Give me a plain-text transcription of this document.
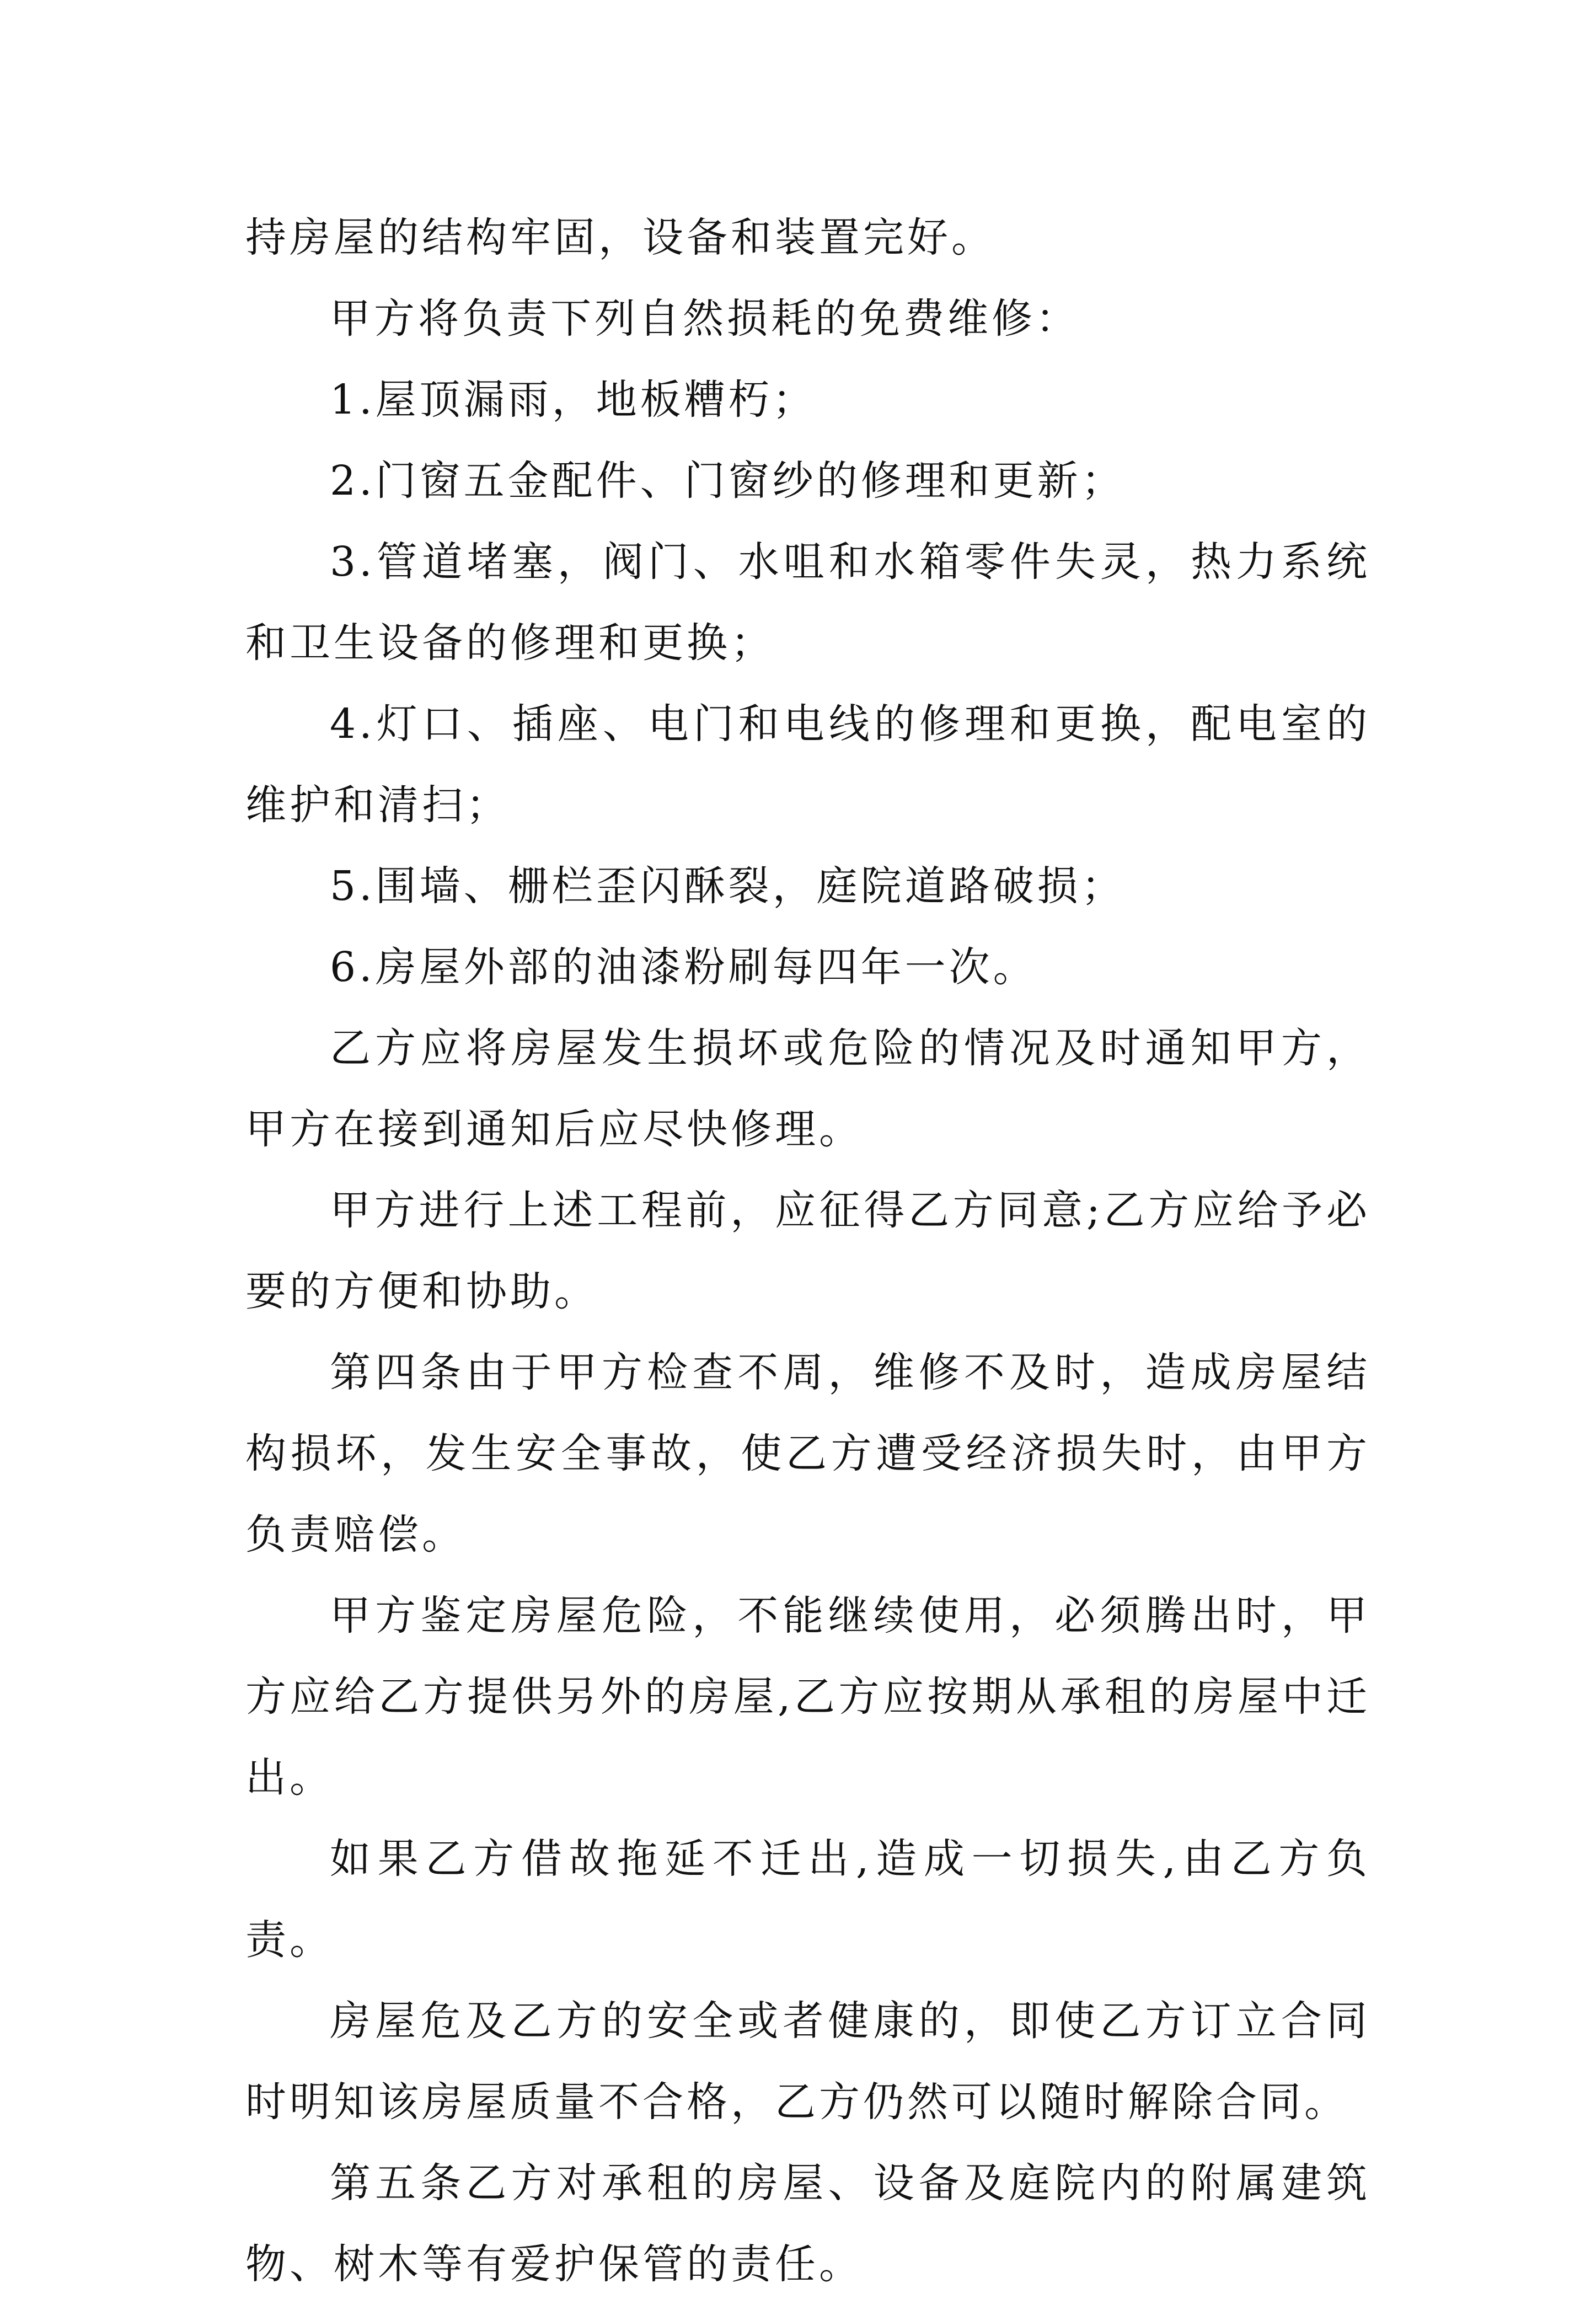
持房屋的结构牢固，设备和装置完好。

甲方将负责下列自然损耗的免费维修：

1.屋顶漏雨，地板糟朽；

2.门窗五金配件、门窗纱的修理和更新；

3.管道堵塞，阀门、水咀和水箱零件失灵，热力系统和卫生设备的修理和更换；

4.灯口、插座、电门和电线的修理和更换，配电室的维护和清扫；

5.围墙、栅栏歪闪酥裂，庭院道路破损；

6.房屋外部的油漆粉刷每四年一次。

乙方应将房屋发生损坏或危险的情况及时通知甲方，甲方在接到通知后应尽快修理。

甲方进行上述工程前，应征得乙方同意;乙方应给予必要的方便和协助。

第四条由于甲方检查不周，维修不及时，造成房屋结构损坏，发生安全事故，使乙方遭受经济损失时，由甲方负责赔偿。

甲方鉴定房屋危险，不能继续使用，必须腾出时，甲方应给乙方提供另外的房屋,乙方应按期从承租的房屋中迁出。

如果乙方借故拖延不迁出,造成一切损失,由乙方负责。

房屋危及乙方的安全或者健康的，即使乙方订立合同时明知该房屋质量不合格，乙方仍然可以随时解除合同。

第五条乙方对承租的房屋、设备及庭院内的附属建筑物、树木等有爱护保管的责任。
